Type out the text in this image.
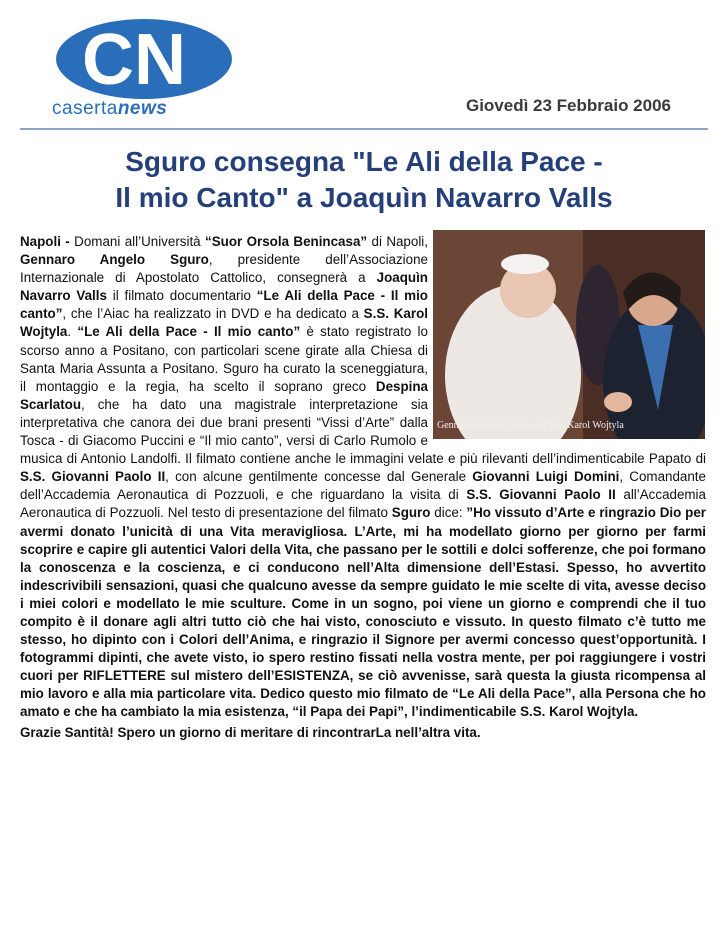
CN
casertanews	Giovedì 23 Febbraio 2006
Sguro consegna "Le Ali della Pace -
Il mio Canto" a Joaquìn Navarro Valls
Gennaro Angelo Sguro con S.S. Karol Wojtyla
Napoli - Domani all’Università “Suor Orsola Benincasa” di Napoli, Gennaro Angelo Sguro, presidente dell’Associazione Internazionale di Apostolato Cattolico, consegnerà a Joaquìn Navarro Valls il filmato documentario “Le Ali della Pace - Il mio canto”, che l’Aiac ha realizzato in DVD e ha dedicato a S.S. Karol Wojtyla. “Le Ali della Pace - Il mio canto” è stato registrato lo scorso anno a Positano, con particolari scene girate alla Chiesa di Santa Maria Assunta a Positano. Sguro ha curato la sceneggiatura, il montaggio e la regia, ha scelto il soprano greco Despina Scarlatou, che ha dato una magistrale interpretazione sia interpretativa che canora dei due brani presenti “Vissi d’Arte” dalla Tosca - di Giacomo Puccini e “Il mio canto”, versi di Carlo Rumolo e musica di Antonio Landolfi. Il filmato contiene anche le immagini velate e più rilevanti dell’indimenticabile Papato di S.S. Giovanni Paolo II, con alcune gentilmente concesse dal Generale Giovanni Luigi Domini, Comandante dell’Accademia Aeronautica di Pozzuoli, e che riguardano la visita di S.S. Giovanni Paolo II all’Accademia Aeronautica di Pozzuoli. Nel testo di presentazione del filmato Sguro dice: ”Ho vissuto d’Arte e ringrazio Dio per avermi donato l’unicità di una Vita meravigliosa. L’Arte, mi ha modellato giorno per giorno per farmi scoprire e capire gli autentici Valori della Vita, che passano per le sottili e dolci sofferenze, che poi formano la conoscenza e la coscienza, e ci conducono nell’Alta dimensione dell’Estasi. Spesso, ho avvertito indescrivibili sensazioni, quasi che qualcuno avesse da sempre guidato le mie scelte di vita, avesse deciso i miei colori e modellato le mie sculture. Come in un sogno, poi viene un giorno e comprendi che il tuo compito è il donare agli altri tutto ciò che hai visto, conosciuto e vissuto. In questo filmato c’è tutto me stesso, ho dipinto con i Colori dell’Anima, e ringrazio il Signore per avermi concesso quest’opportunità. I fotogrammi dipinti, che avete visto, io spero restino fissati nella vostra mente, per poi raggiungere i vostri cuori per RIFLETTERE sul mistero dell’ESISTENZA, se ciò avvenisse, sarà questa la giusta ricompensa al mio lavoro e alla mia particolare vita. Dedico questo mio filmato de “Le Ali della Pace”, alla Persona che ho amato e che ha cambiato la mia esistenza, “il Papa dei Papi”, l’indimenticabile S.S. Karol Wojtyla.
Grazie Santità! Spero un giorno di meritare di rincontrarLa nell’altra vita.
